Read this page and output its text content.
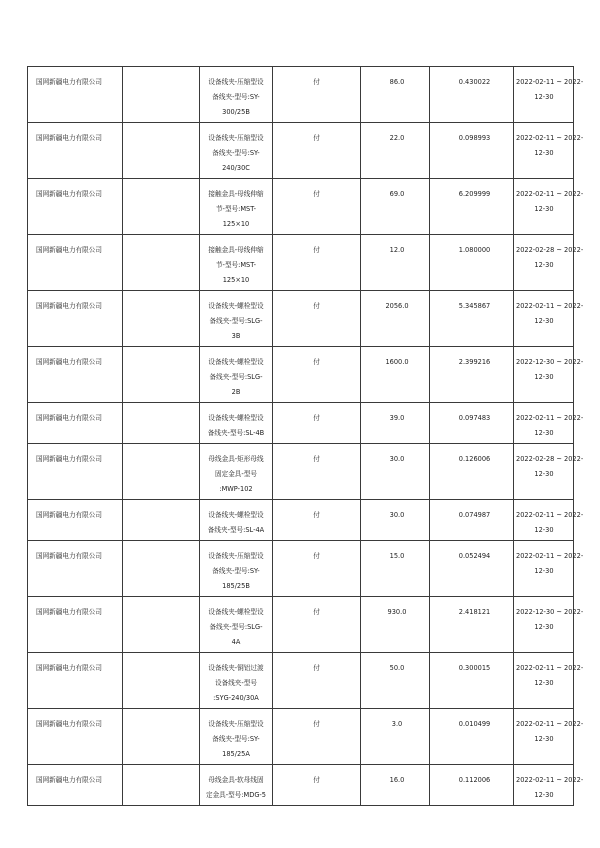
国网新疆电力有限公司		设备线夹-压缩型设
备线夹-型号:SY-
300/25B	付	86.0	0.430022	2022-02-11 ~ 2022-
12-30

国网新疆电力有限公司		设备线夹-压缩型设
备线夹-型号:SY-
240/30C	付	22.0	0.098993	2022-02-11 ~ 2022-
12-30

国网新疆电力有限公司		接触金具-母线伸缩
节-型号:MST-
125×10	付	69.0	6.209999	2022-02-11 ~ 2022-
12-30

国网新疆电力有限公司		接触金具-母线伸缩
节-型号:MST-
125×10	付	12.0	1.080000	2022-02-28 ~ 2022-
12-30

国网新疆电力有限公司		设备线夹-螺栓型设
备线夹-型号:SLG-
3B	付	2056.0	5.345867	2022-02-11 ~ 2022-
12-30

国网新疆电力有限公司		设备线夹-螺栓型设
备线夹-型号:SLG-
2B	付	1600.0	2.399216	2022-12-30 ~ 2022-
12-30

国网新疆电力有限公司		设备线夹-螺栓型设
备线夹-型号:SL-4B	付	39.0	0.097483	2022-02-11 ~ 2022-
12-30

国网新疆电力有限公司		母线金具-矩形母线
固定金具-型号
:MWP-102	付	30.0	0.126006	2022-02-28 ~ 2022-
12-30

国网新疆电力有限公司		设备线夹-螺栓型设
备线夹-型号:SL-4A	付	30.0	0.074987	2022-02-11 ~ 2022-
12-30

国网新疆电力有限公司		设备线夹-压缩型设
备线夹-型号:SY-
185/25B	付	15.0	0.052494	2022-02-11 ~ 2022-
12-30

国网新疆电力有限公司		设备线夹-螺栓型设
备线夹-型号:SLG-
4A	付	930.0	2.418121	2022-12-30 ~ 2022-
12-30

国网新疆电力有限公司		设备线夹-铜铝过渡
设备线夹-型号
:SYG-240/30A	付	50.0	0.300015	2022-02-11 ~ 2022-
12-30

国网新疆电力有限公司		设备线夹-压缩型设
备线夹-型号:SY-
185/25A	付	3.0	0.010499	2022-02-11 ~ 2022-
12-30

国网新疆电力有限公司		母线金具-软母线固
定金具-型号:MDG-5	付	16.0	0.112006	2022-02-11 ~ 2022-
12-30
